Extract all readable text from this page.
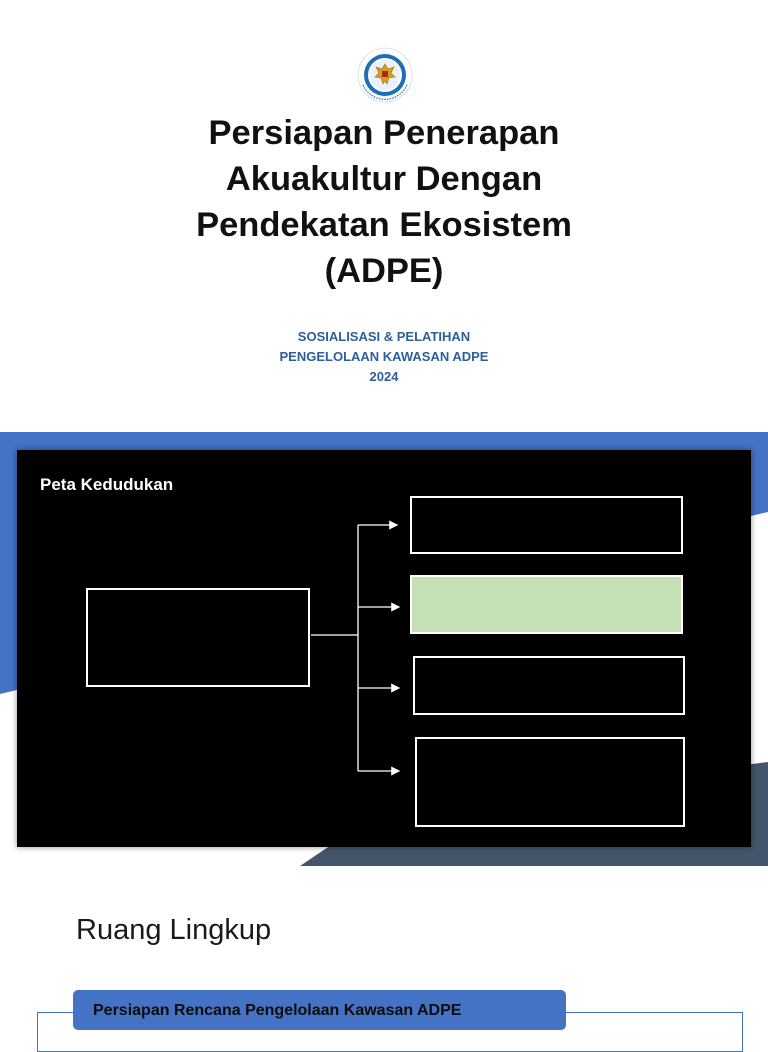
Persiapan Penerapan
Akuakultur Dengan
Pendekatan Ekosistem
(ADPE)
SOSIALISASI & PELATIHAN
PENGELOLAAN KAWASAN ADPE
2024
Peta Kedudukan
Ruang Lingkup
Persiapan Rencana Pengelolaan Kawasan ADPE
